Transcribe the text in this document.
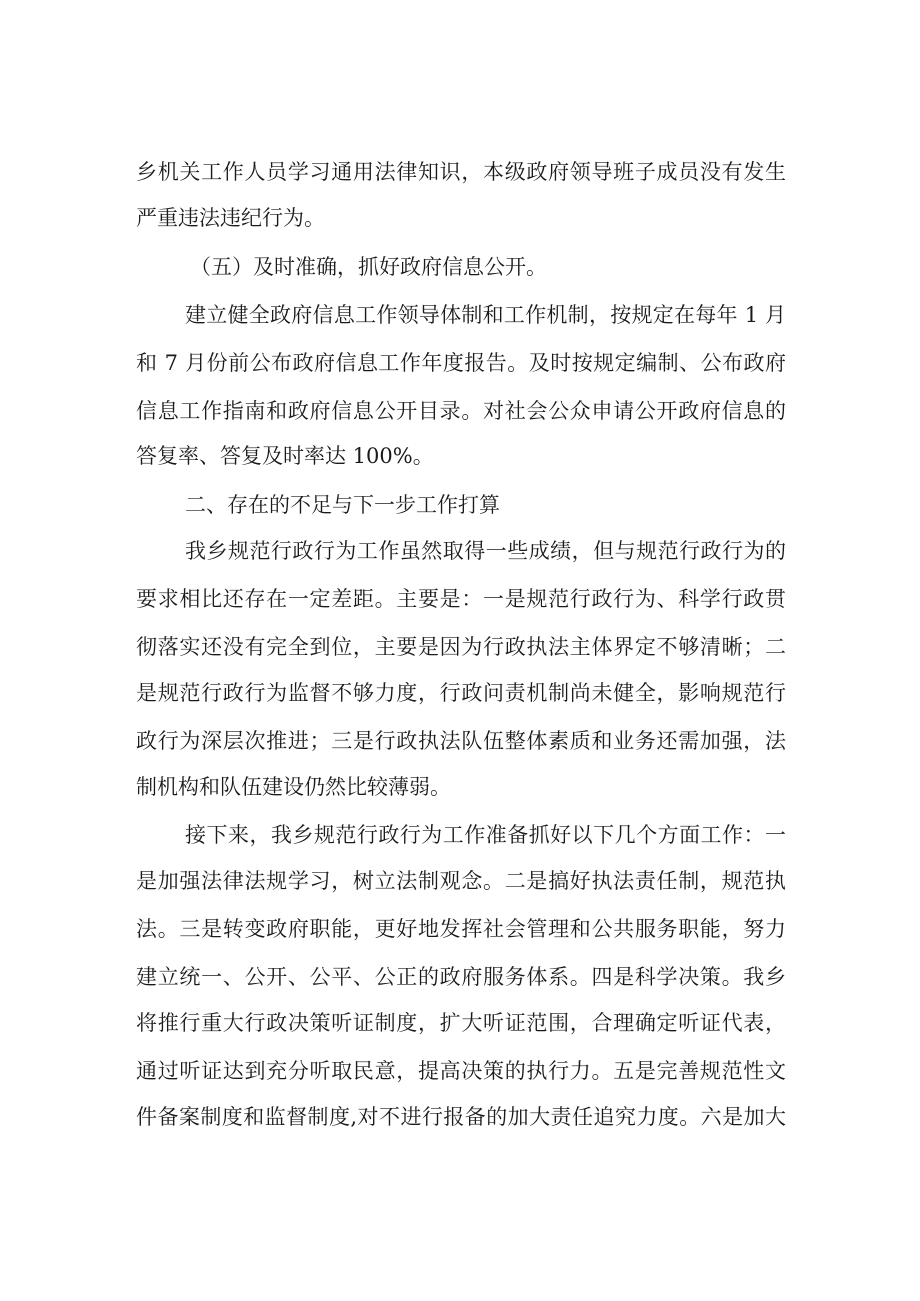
乡机关工作人员学习通用法律知识，本级政府领导班子成员没有发生
严重违法违纪行为。
（五）及时准确，抓好政府信息公开。
建立健全政府信息工作领导体制和工作机制，按规定在每年 1 月
和 7 月份前公布政府信息工作年度报告。及时按规定编制、公布政府
信息工作指南和政府信息公开目录。对社会公众申请公开政府信息的
答复率、答复及时率达 100%。
二、存在的不足与下一步工作打算
我乡规范行政行为工作虽然取得一些成绩，但与规范行政行为的
要求相比还存在一定差距。主要是：一是规范行政行为、科学行政贯
彻落实还没有完全到位，主要是因为行政执法主体界定不够清晰；二
是规范行政行为监督不够力度，行政问责机制尚未健全，影响规范行
政行为深层次推进；三是行政执法队伍整体素质和业务还需加强，法
制机构和队伍建设仍然比较薄弱。
接下来，我乡规范行政行为工作准备抓好以下几个方面工作：一
是加强法律法规学习，树立法制观念。二是搞好执法责任制，规范执
法。三是转变政府职能，更好地发挥社会管理和公共服务职能，努力
建立统一、公开、公平、公正的政府服务体系。四是科学决策。我乡
将推行重大行政决策听证制度，扩大听证范围，合理确定听证代表，
通过听证达到充分听取民意，提高决策的执行力。五是完善规范性文
件备案制度和监督制度,对不进行报备的加大责任追究力度。六是加大
